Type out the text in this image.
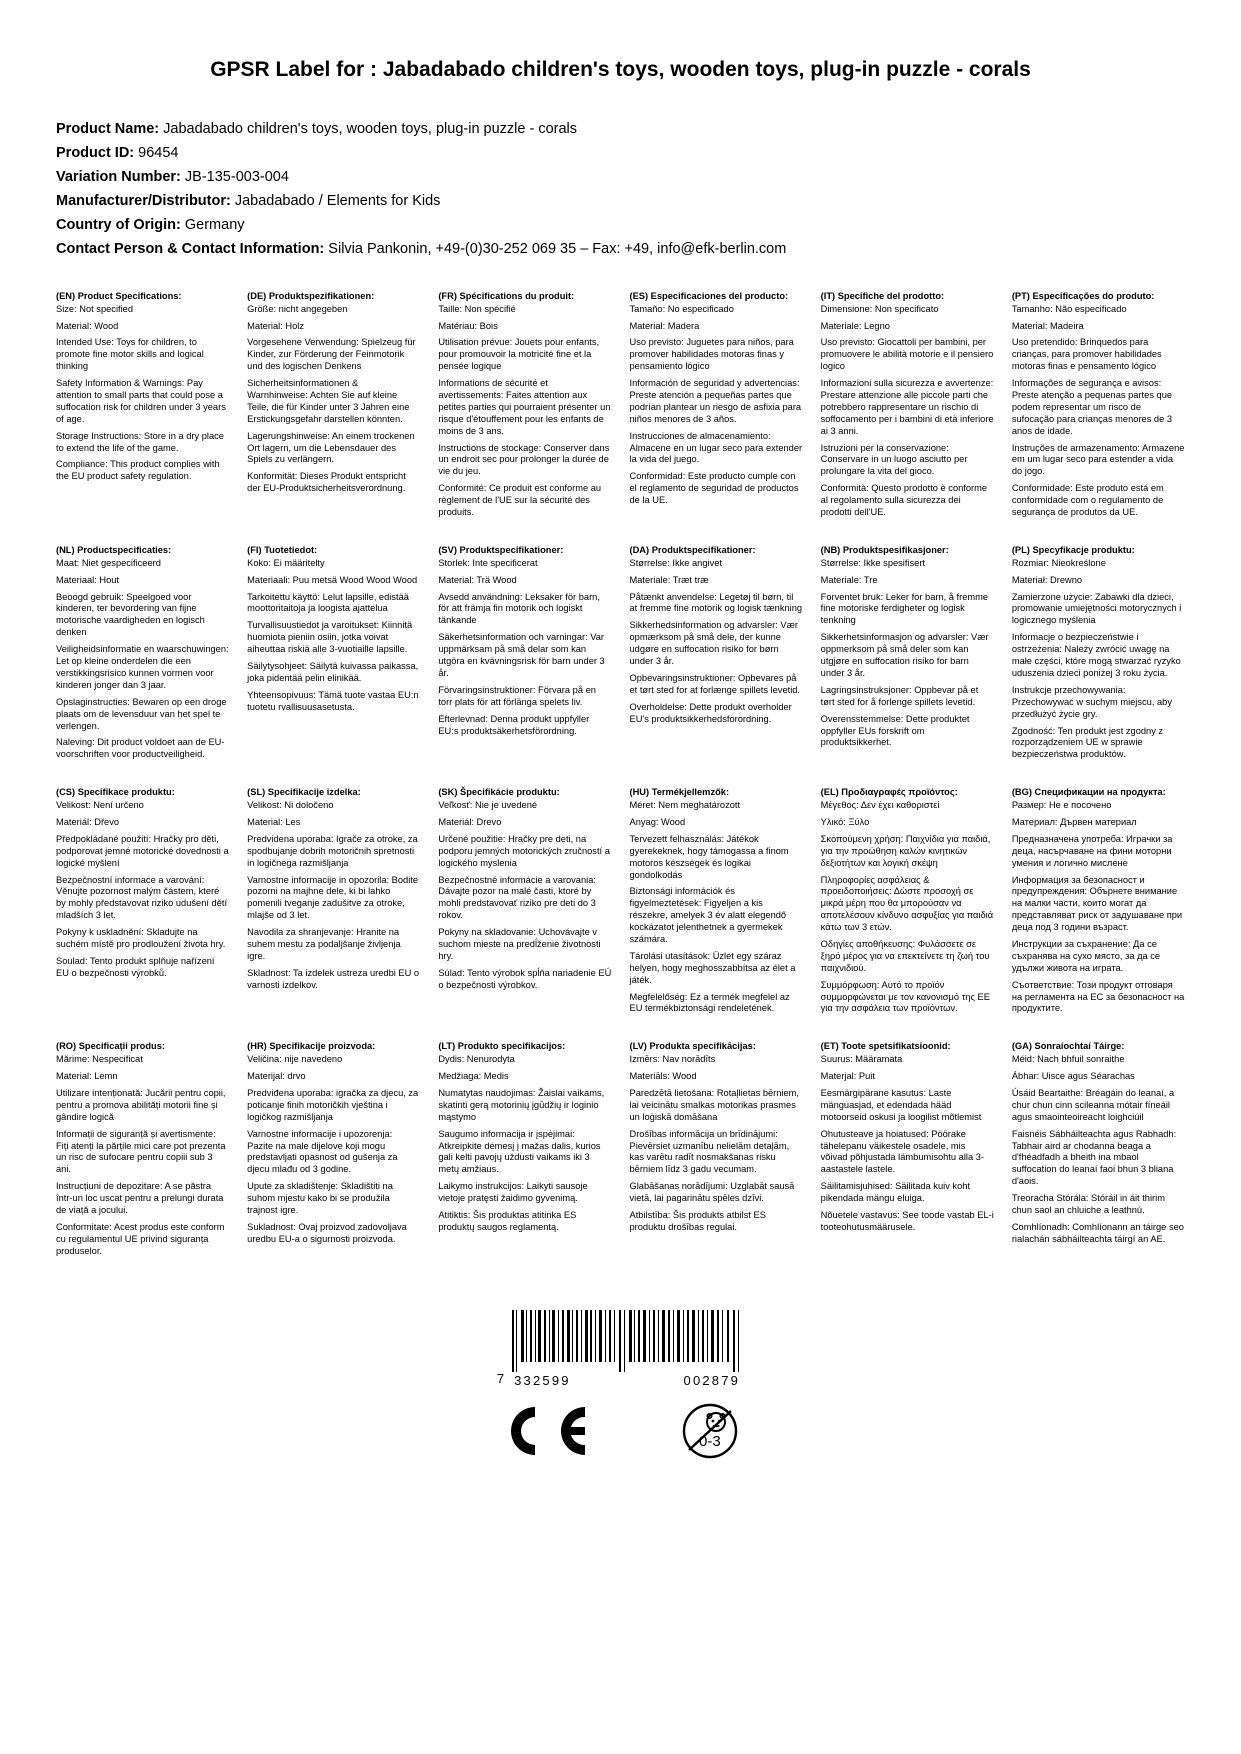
GPSR Label for : Jabadabado children's toys, wooden toys, plug-in puzzle - corals
Product Name: Jabadabado children's toys, wooden toys, plug-in puzzle - corals
Product ID: 96454
Variation Number: JB-135-003-004
Manufacturer/Distributor: Jabadabado / Elements for Kids
Country of Origin: Germany
Contact Person & Contact Information: Silvia Pankonin, +49-(0)30-252 069 35 – Fax: +49, info@efk-berlin.com
(EN) Product Specifications:

Size: Not specified

Material: Wood

Intended Use: Toys for children, to promote fine motor skills and logical thinking

Safety Information & Warnings: Pay attention to small parts that could pose a suffocation risk for children under 3 years of age.

Storage Instructions: Store in a dry place to extend the life of the game.

Compliance: This product complies with the EU product safety regulation.

(DE) Produktspezifikationen:

Größe: nicht angegeben

Material: Holz

Vorgesehene Verwendung: Spielzeug für Kinder, zur Förderung der Feinmotorik und des logischen Denkens

Sicherheitsinformationen & Warnhinweise: Achten Sie auf kleine Teile, die für Kinder unter 3 Jahren eine Erstickungsgefahr darstellen könnten.

Lagerungshinweise: An einem trockenen Ort lagern, um die Lebensdauer des Spiels zu verlängern.

Konformität: Dieses Produkt entspricht der EU-Produktsicherheitsverordnung.

(FR) Spécifications du produit:

Taille: Non spécifié

Matériau: Bois

Utilisation prévue: Jouets pour enfants, pour promouvoir la motricité fine et la pensée logique

Informations de sécurité et avertissements: Faites attention aux petites parties qui pourraient présenter un risque d'étouffement pour les enfants de moins de 3 ans.

Instructions de stockage: Conserver dans un endroit sec pour prolonger la durée de vie du jeu.

Conformité: Ce produit est conforme au règlement de l'UE sur la sécurité des produits.

(ES) Especificaciones del producto:

Tamaño: No especificado

Material: Madera

Uso previsto: Juguetes para niños, para promover habilidades motoras finas y pensamiento lógico

Información de seguridad y advertencias: Preste atención a pequeñas partes que podrían plantear un riesgo de asfixia para niños menores de 3 años.

Instrucciones de almacenamiento: Almacene en un lugar seco para extender la vida del juego.

Conformidad: Este producto cumple con el reglamento de seguridad de productos de la UE.

(IT) Specifiche del prodotto:

Dimensione: Non specificato

Materiale: Legno

Uso previsto: Giocattoli per bambini, per promuovere le abilità motorie e il pensiero logico

Informazioni sulla sicurezza e avvertenze: Prestare attenzione alle piccole parti che potrebbero rappresentare un rischio di soffocamento per i bambini di età inferiore ai 3 anni.

Istruzioni per la conservazione: Conservare in un luogo asciutto per prolungare la vita del gioco.

Conformità: Questo prodotto è conforme al regolamento sulla sicurezza dei prodotti dell'UE.

(PT) Especificações do produto:

Tamanho: Não especificado

Material: Madeira

Uso pretendido: Brinquedos para crianças, para promover habilidades motoras finas e pensamento lógico

Informações de segurança e avisos: Preste atenção a pequenas partes que podem representar um risco de sufocação para crianças menores de 3 anos de idade.

Instruções de armazenamento: Armazene em um lugar seco para estender a vida do jogo.

Conformidade: Este produto está em conformidade com o regulamento de segurança de produtos da UE.

(NL) Productspecificaties:

Maat: Niet gespecificeerd

Materiaal: Hout

Beoogd gebruik: Speelgoed voor kinderen, ter bevordering van fijne motorische vaardigheden en logisch denken

Veiligheidsinformatie en waarschuwingen: Let op kleine onderdelen die een verstikkingsrisico kunnen vormen voor kinderen jonger dan 3 jaar.

Opslaginstructies: Bewaren op een droge plaats om de levensduur van het spel te verlengen.

Naleving: Dit product voldoet aan de EU-voorschriften voor productveiligheid.

(FI) Tuotetiedot:

Koko: Ei määritelty

Materiaali: Puu metsä Wood Wood Wood

Tarkoitettu käyttö: Lelut lapsille, edistää moottoritaitoja ja loogista ajattelua

Turvallisuustiedot ja varoitukset: Kiinnitä huomiota pieniin osiin, jotka voivat aiheuttaa riskiä alle 3-vuotiaille lapsille.

Säilytysohjeet: Säilytä kuivassa paikassa, joka pidentää pelin elinikää.

Yhteensopivuus: Tämä tuote vastaa EU:n tuotetu rvallisuusasetusta.

(SV) Produktspecifikationer:

Storlek: Inte specificerat

Material: Trä Wood

Avsedd användning: Leksaker för barn, för att främja fin motorik och logiskt tänkande

Säkerhetsinformation och varningar: Var uppmärksam på små delar som kan utgöra en kvävningsrisk för barn under 3 år.

Förvaringsinstruktioner: Förvara på en torr plats för att förlänga spelets liv.

Efterlevnad: Denna produkt uppfyller EU:s produktsäkerhetsförordning.

(DA) Produktspecifikationer:

Størrelse: Ikke angivet

Materiale: Træt træ

Påtænkt anvendelse: Legetøj til børn, til at fremme fine motorik og logisk tænkning

Sikkerhedsinformation og advarsler: Vær opmærksom på små dele, der kunne udgøre en suffocation risiko for børn under 3 år.

Opbevaringsinstruktioner: Opbevares på et tørt sted for at forlænge spillets levetid.

Overholdelse: Dette produkt overholder EU's produktsikkerhedsforordning.

(NB) Produktspesifikasjoner:

Størrelse: Ikke spesifisert

Materiale: Tre

Forventet bruk: Leker for barn, å fremme fine motoriske ferdigheter og logisk tenkning

Sikkerhetsinformasjon og advarsler: Vær oppmerksom på små deler som kan utgjøre en suffocation risiko for barn under 3 år.

Lagringsinstruksjoner: Oppbevar på et tørt sted for å forlenge spillets levetid.

Overensstemmelse: Dette produktet oppfyller EUs forskrift om produktsikkerhet.

(PL) Specyfikacje produktu:

Rozmiar: Nieokreślone

Materiał: Drewno

Zamierzone użycie: Zabawki dla dzieci, promowanie umiejętności motorycznych i logicznego myślenia

Informacje o bezpieczeństwie i ostrzeżenia: Należy zwrócić uwagę na małe części, które mogą stwarzać ryzyko uduszenia dzieci poniżej 3 roku życia.

Instrukcje przechowywania: Przechowywać w suchym miejscu, aby przedłużyć życie gry.

Zgodność: Ten produkt jest zgodny z rozporządzeniem UE w sprawie bezpieczeństwa produktów.

(CS) Specifikace produktu:

Velikost: Není určeno

Materiál: Dřevo

Předpokládané použití: Hračky pro děti, podporovat jemné motorické dovednosti a logické myšlení

Bezpečnostní informace a varování: Věnujte pozornost malým částem, které by mohly představovat riziko udušení dětí mladších 3 let.

Pokyny k uskladnění: Skladujte na suchém místě pro prodloužení života hry.

Soulad: Tento produkt splňuje nařízení EU o bezpečnosti výrobků.

(SL) Specifikacije izdelka:

Velikost: Ni določeno

Material: Les

Predvidena uporaba: Igrače za otroke, za spodbujanje dobrih motoričnih spretnosti in logičnega razmišljanja

Varnostne informacije in opozorila: Bodite pozorni na majhne dele, ki bi lahko pomenili tveganje zadušitve za otroke, mlajše od 3 let.

Navodila za shranjevanje: Hranite na suhem mestu za podaljšanje življenja igre.

Skladnost: Ta izdelek ustreza uredbi EU o varnosti izdelkov.

(SK) Špecifikácie produktu:

Veľkosť: Nie je uvedené

Materiál: Drevo

Určené použitie: Hračky pre deti, na podporu jemných motorických zručností a logického myslenia

Bezpečnostné informácie a varovania: Dávajte pozor na malé časti, ktoré by mohli predstavovať riziko pre deti do 3 rokov.

Pokyny na skladovanie: Uchovávajte v suchom mieste na predĺženie životnosti hry.

Súlad: Tento výrobok spĺňa nariadenie EÚ o bezpečnosti výrobkov.

(HU) Termékjellemzők:

Méret: Nem meghatározott

Anyag: Wood

Tervezett felhasználás: Játékok gyerekeknek, hogy támogassa a finom motoros készségek és logikai gondolkodás

Biztonsági információk és figyelmeztetések: Figyeljen a kis részekre, amelyek 3 év alatt elegendő kockázatot jelenthetnek a gyermekek számára.

Tárolási utasítások: Üzlet egy száraz helyen, hogy meghosszabbítsa az élet a játék.

Megfelelőség: Ez a termék megfelel az EU termékbiztonsági rendeletének.

(EL) Προδιαγραφές προϊόντος:

Μέγεθος: Δεν έχει καθοριστεί

Υλικό: Ξύλο

Σκοπούμενη χρήση: Παιχνίδια για παιδιά, για την προώθηση καλών κινητικών δεξιοτήτων και λογική σκέψη

Πληροφορίες ασφάλειας & προειδοποιήσεις: Δώστε προσοχή σε μικρά μέρη που θα μπορούσαν να αποτελέσουν κίνδυνο ασφυξίας για παιδιά κάτω των 3 ετών.

Οδηγίες αποθήκευσης: Φυλάσσετε σε ξηρό μέρος για να επεκτείνετε τη ζωή του παιχνιδιού.

Συμμόρφωση: Αυτό το προϊόν συμμορφώνεται με τον κανονισμό της ΕΕ για την ασφάλεια των προϊόντων.

(BG) Спецификации на продукта:

Размер: Не е посочено

Материал: Дървен материал

Предназначена употреба: Играчки за деца, насърчаване на фини моторни умения и логично мислене

Информация за безопасност и предупреждения: Обърнете внимание на малки части, които могат да представляват риск от задушаване при деца под 3 години възраст.

Инструкции за съхранение: Да се съхранява на сухо място, за да се удължи живота на играта.

Съответствие: Този продукт отговаря на регламента на ЕС за безопасност на продуктите.

(RO) Specificații produs:

Mărime: Nespecificat

Material: Lemn

Utilizare intenționată: Jucării pentru copii, pentru a promova abilități motorii fine și gândire logică

Informații de siguranță și avertismente: Fiți atenți la părțile mici care pot prezenta un risc de sufocare pentru copiii sub 3 ani.

Instrucțiuni de depozitare: A se păstra într-un loc uscat pentru a prelungi durata de viață a jocului.

Conformitate: Acest produs este conform cu regulamentul UE privind siguranța produselor.

(HR) Specifikacije proizvoda:

Veličina: nije navedeno

Materijal: drvo

Predviđena uporaba: igračka za djecu, za poticanje finih motoričkih vještina i logičkog razmišljanja

Varnostne informacije i upozorenja: Pazite na male dijelove koji mogu predstavljati opasnost od gušenja za djecu mlađu od 3 godine.

Upute za skladištenje: Skladištiti na suhom mjestu kako bi se produžila trajnost igre.

Sukladnost: Ovaj proizvod zadovoljava uredbu EU-a o sigurnosti proizvoda.

(LT) Produkto specifikacijos:

Dydis: Nenurodyta

Medžiaga: Medis

Numatytas naudojimas: Žaislai vaikams, skatinti gerą motorinių įgūdžių ir loginio mąstymo

Saugumo informacija ir įspėjimai: Atkreipkite dėmesį į mažas dalis, kurios gali kelti pavojų uždusti vaikams iki 3 metų amžiaus.

Laikymo instrukcijos: Laikyti sausoje vietoje pratęsti žaidimo gyvenimą.

Atitiktis: Šis produktas atitinka ES produktų saugos reglamentą.

(LV) Produkta specifikācijas:

Izmērs: Nav norādīts

Materiāls: Wood

Paredzētā lietošana: Rotaļlietas bērniem, lai veicinātu smalkas motorikas prasmes un loģiskā domāšana

Drošības informācija un brīdinājumi: Pievērsiet uzmanību nelielām detaļām, kas varētu radīt nosmakšanas risku bērniem līdz 3 gadu vecumam.

Glabāšanas norādījumi: Uzglabāt sausā vietā, lai pagarinātu spēles dzīvi.

Atbilstība: Šis produkts atbilst ES produktu drošības regulai.

(ET) Toote spetsifikatsioonid:

Suurus: Määramata

Materjal: Puit

Eesmärgipärane kasutus: Laste mänguasjad, et edendada hääd motoorseid oskusi ja loogilist mõtlemist

Ohutusteave ja hoiatused: Pöörake tähelepanu väikestele osadele, mis võivad põhjustada lämbumisohtu alla 3-aastastele lastele.

Säilitamisjuhised: Säilitada kuiv koht pikendada mängu eluiga.

Nõuetele vastavus: See toode vastab EL-i tooteohutusmäärusele.

(GA) Sonraíochtaí Táirge:

Méid: Nach bhfuil sonraithe

Ábhar: Uisce agus Séarachas

Úsáid Beartaithe: Bréagáin do leanaí, a chur chun cinn scileanna mótair fíneáil agus smaointeoireacht loighciúil

Faisnéis Sábháilteachta agus Rabhadh: Tabhair aird ar chodanna beaga a d'fhéadfadh a bheith ina mbaol suffocation do leanaí faoi bhun 3 bliana d'aois.

Treoracha Stórála: Stóráil in áit thirim chun saol an chluiche a leathnú.

Comhlíonadh: Comhlíonann an táirge seo rialachán sábháilteachta táirgí an AE.

7 332599	002879
0-3
